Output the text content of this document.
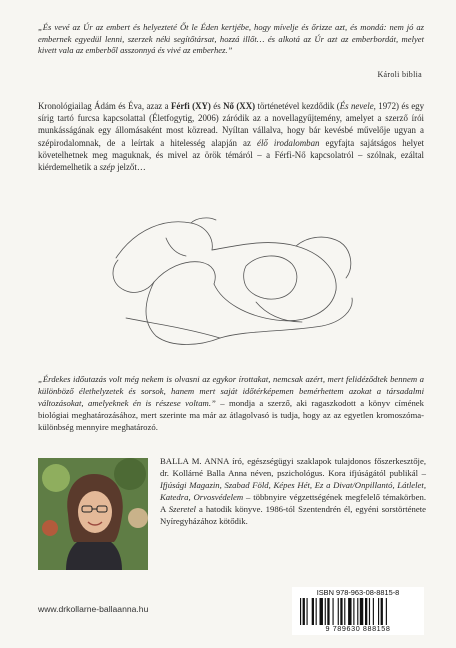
„És vevé az Úr az embert és helyezteté Őt le Éden kertjébe, hogy mívelje és őrizze azt, és mondá: nem jó az embernek egyedül lenni, szerzek néki segítőtársat, hozzá illőt… és alkotá az Úr azt az emberbordát, melyet kivett vala az emberből asszonnyá és vivé az emberhez.”
Károli biblia
Kronológiailag Ádám és Éva, azaz a Férfi (XY) és Nő (XX) történetével kezdődik (És nevele, 1972) és egy sírig tartó furcsa kapcsolattal (Életfogytig, 2006) záródik az a novellagyűjtemény, amelyet a szerző írói munkásságának egy állomásaként most közread. Nyíltan vállalva, hogy bár kevésbé művelője ugyan a szépirodalomnak, de a leírtak a hitelesség alapján az élő irodalomban egyfajta sajátságos helyet követelhetnek meg maguknak, és mivel az örök témáról – a Férfi-Nő kapcsolatról – szólnak, ezáltal kiérdemelhetik a szép jelzőt…
„Érdekes időutazás volt még nekem is olvasni az egykor írottakat, nemcsak azért, mert felidéződtek bennem a különböző élethelyzetek és sorsok, hanem mert saját időtérképemen bemérhettem azokat a társadalmi változásokat, amelyeknek én is részese voltam.” – mondja a szerző, aki ragaszkodott a könyv címének biológiai meghatározásához, mert szerinte ma már az átlagolvasó is tudja, hogy az az egyetlen kromoszóma-különbség mennyire meghatározó.
BALLA M. ANNA író, egészségügyi szaklapok tulajdonos főszerkesztője, dr. Kollárné Balla Anna néven, pszichológus. Kora ifjúságától publikál – Ifjúsági Magazin, Szabad Föld, Képes Hét, Ez a Divat/Onpillantó, Látlelet, Katedra, Orvosvédelem – többnyire végzettségének megfelelő témakörben. A Szeretel a hatodik könyve. 1986-tól Szentendrén él, egyéni sorstörténete Nyíregyházához kötődik.
ISBN 978-963-08-8815-8
9 789630 888158
www.drkollarne-ballaanna.hu
